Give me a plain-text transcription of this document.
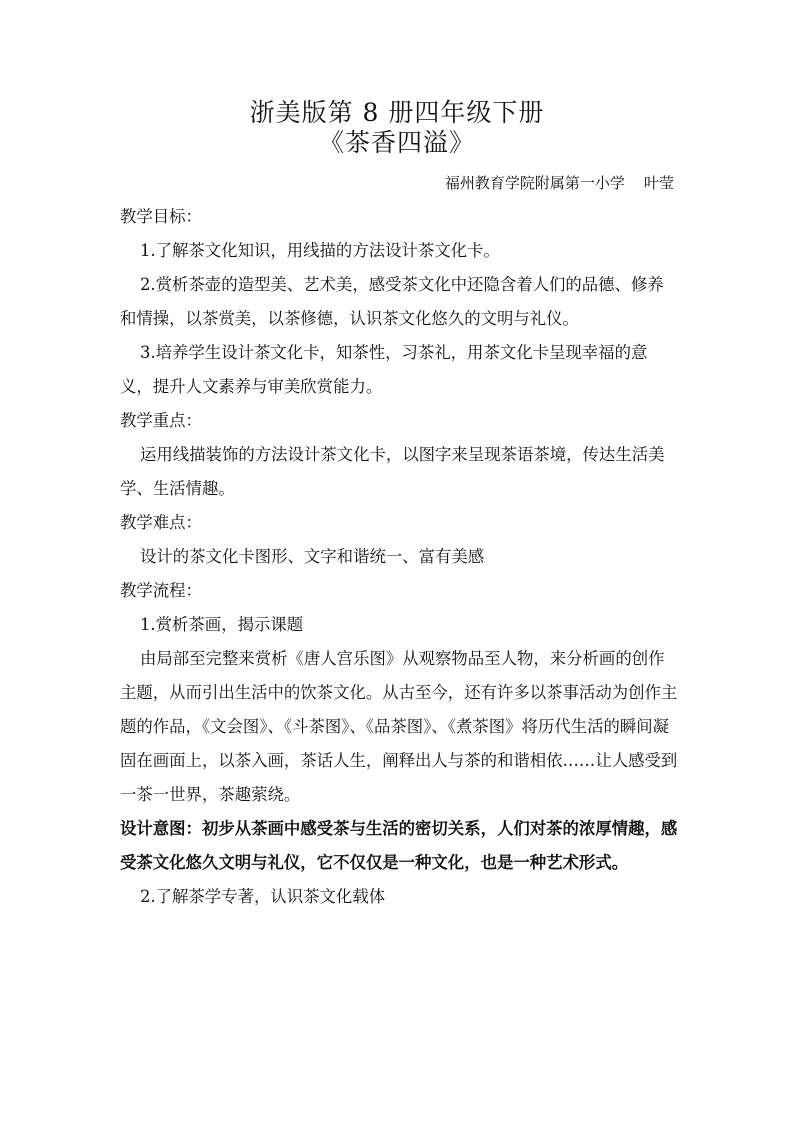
浙美版第 8 册四年级下册
《茶香四溢》
福州教育学院附属第一小学    叶莹

教学目标：

1.了解茶文化知识，用线描的方法设计茶文化卡。

2.赏析茶壶的造型美、艺术美，感受茶文化中还隐含着人们的品德、修养和情操，以茶赏美，以茶修德，认识茶文化悠久的文明与礼仪。

3.培养学生设计茶文化卡，知茶性，习茶礼，用茶文化卡呈现幸福的意义，提升人文素养与审美欣赏能力。

教学重点：

运用线描装饰的方法设计茶文化卡，以图字来呈现茶语茶境，传达生活美学、生活情趣。

教学难点：

设计的茶文化卡图形、文字和谐统一、富有美感

教学流程：

1.赏析茶画，揭示课题

由局部至完整来赏析《唐人宫乐图》从观察物品至人物，来分析画的创作主题，从而引出生活中的饮茶文化。从古至今，还有许多以茶事活动为创作主题的作品，《文会图》、《斗茶图》、《品茶图》、《煮茶图》将历代生活的瞬间凝固在画面上，以茶入画，茶话人生，阐释出人与茶的和谐相依……让人感受到一茶一世界，茶趣萦绕。

设计意图：初步从茶画中感受茶与生活的密切关系，人们对茶的浓厚情趣，感受茶文化悠久文明与礼仪，它不仅仅是一种文化，也是一种艺术形式。

2.了解茶学专著，认识茶文化载体
